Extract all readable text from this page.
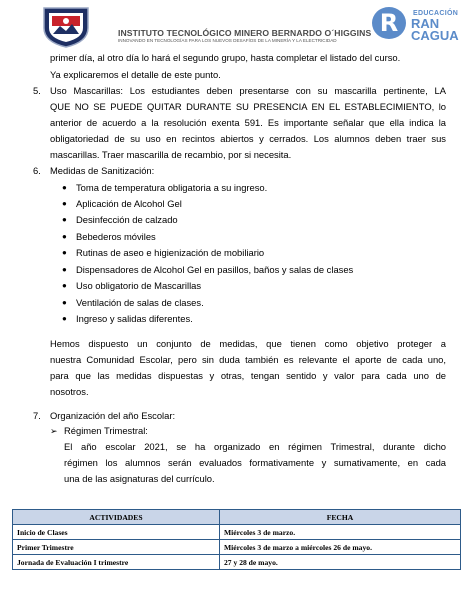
INSTITUTO TECNOLÓGICO MINERO BERNARDO O´HIGGINS
INNOVANDO EN TECNOLOGÍAS PARA LOS NUEVOS DESAFÍOS DE LA MINERÍA Y LA ELECTRICIDAD
R	EDUCACIÓN
RAN
CAGUA
primer día, al otro día lo hará el segundo grupo, hasta completar el listado del curso.
Ya explicaremos el detalle de este punto.
5. Uso Mascarillas: Los estudiantes deben presentarse con su mascarilla pertinente, LA
QUE NO SE PUEDE QUITAR DURANTE SU PRESENCIA EN EL ESTABLECIMIENTO, lo
anterior de acuerdo a la resolución exenta 591. Es importante señalar que ella indica la
obligatoriedad de su uso en recintos abiertos y cerrados. Los alumnos deben traer sus
mascarillas. Traer mascarilla de recambio, por si necesita.
6. Medidas de Sanitización:
● Toma de temperatura obligatoria a su ingreso.
● Aplicación de Alcohol Gel
● Desinfección de calzado
● Bebederos móviles
● Rutinas de aseo e higienización de mobiliario
● Dispensadores de Alcohol Gel en pasillos, baños y salas de clases
● Uso obligatorio de Mascarillas
● Ventilación de salas de clases.
● Ingreso y salidas diferentes.
Hemos dispuesto un conjunto de medidas, que tienen como objetivo proteger a
nuestra Comunidad Escolar, pero sin duda también es relevante el aporte de cada uno,
para que las medidas dispuestas y otras, tengan sentido y valor para cada uno de
nosotros.
7. Organización del año Escolar:
➢ Régimen Trimestral:
El año escolar 2021, se ha organizado en régimen Trimestral, durante dicho
régimen los alumnos serán evaluados formativamente y sumativamente, en cada
una de las asignaturas del currículo.
ACTIVIDADES	FECHA
Inicio de Clases	Miércoles 3 de marzo.
Primer Trimestre	Miércoles 3 de marzo a miércoles 26 de mayo.
Jornada de Evaluación I trimestre	27 y 28 de mayo.
